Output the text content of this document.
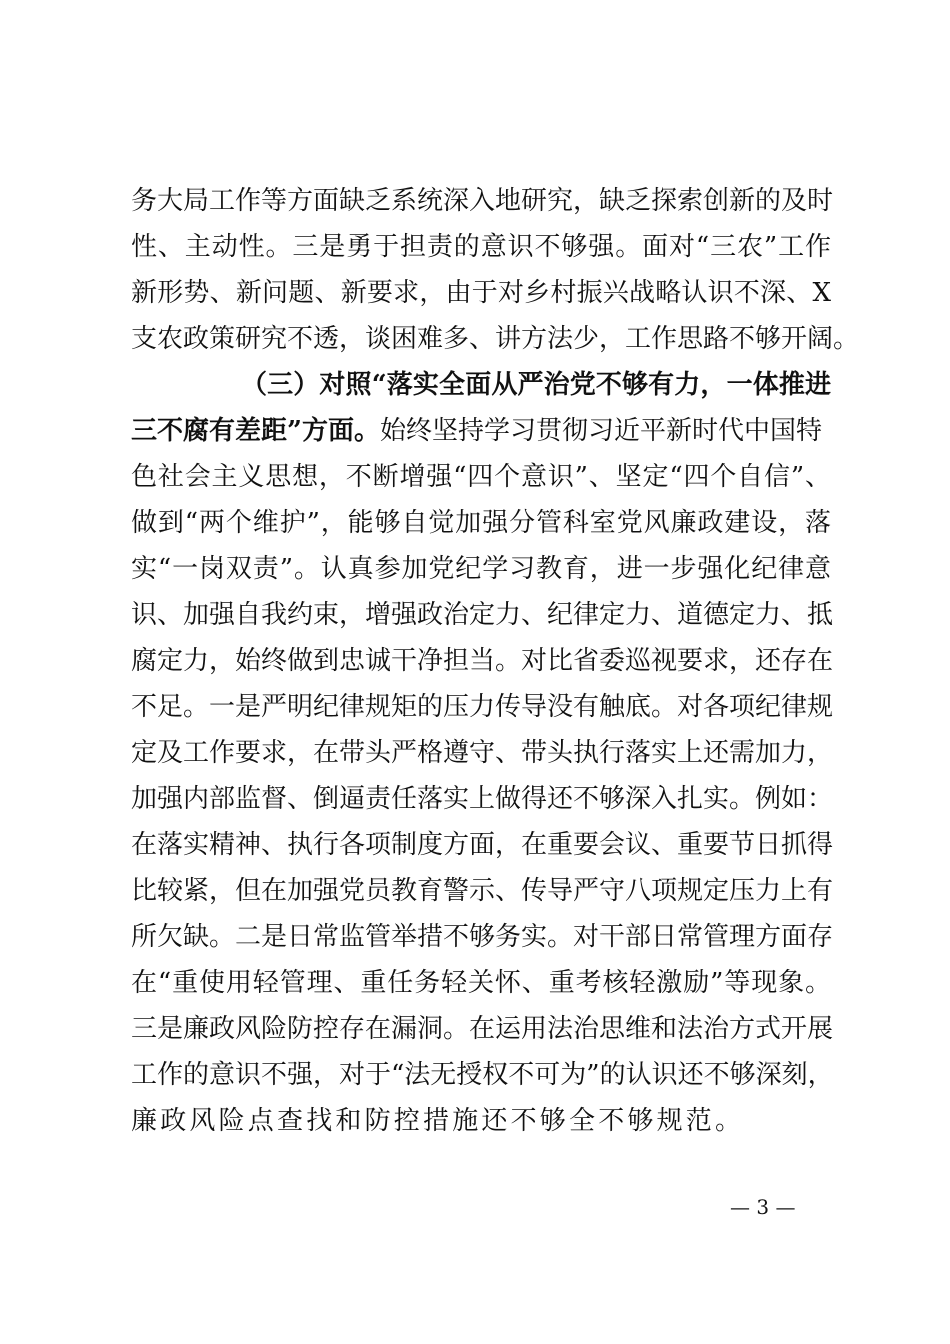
务大局工作等方面缺乏系统深入地研究，缺乏探索创新的及时
性、主动性。三是勇于担责的意识不够强。面对“三农”工作
新形势、新问题、新要求，由于对乡村振兴战略认识不深、X
支农政策研究不透，谈困难多、讲方法少，工作思路不够开阔。
（三）对照“落实全面从严治党不够有力，一体推进
三不腐有差距”方面。始终坚持学习贯彻习近平新时代中国特
色社会主义思想，不断增强“四个意识”、坚定“四个自信”、
做到“两个维护”，能够自觉加强分管科室党风廉政建设，落
实“一岗双责”。认真参加党纪学习教育，进一步强化纪律意
识、加强自我约束，增强政治定力、纪律定力、道德定力、抵
腐定力，始终做到忠诚干净担当。对比省委巡视要求，还存在
不足。一是严明纪律规矩的压力传导没有触底。对各项纪律规
定及工作要求，在带头严格遵守、带头执行落实上还需加力，
加强内部监督、倒逼责任落实上做得还不够深入扎实。例如：
在落实精神、执行各项制度方面，在重要会议、重要节日抓得
比较紧，但在加强党员教育警示、传导严守八项规定压力上有
所欠缺。二是日常监管举措不够务实。对干部日常管理方面存
在“重使用轻管理、重任务轻关怀、重考核轻激励”等现象。
三是廉政风险防控存在漏洞。在运用法治思维和法治方式开展
工作的意识不强，对于“法无授权不可为”的认识还不够深刻，
廉政风险点查找和防控措施还不够全不够规范。
— 3 —
